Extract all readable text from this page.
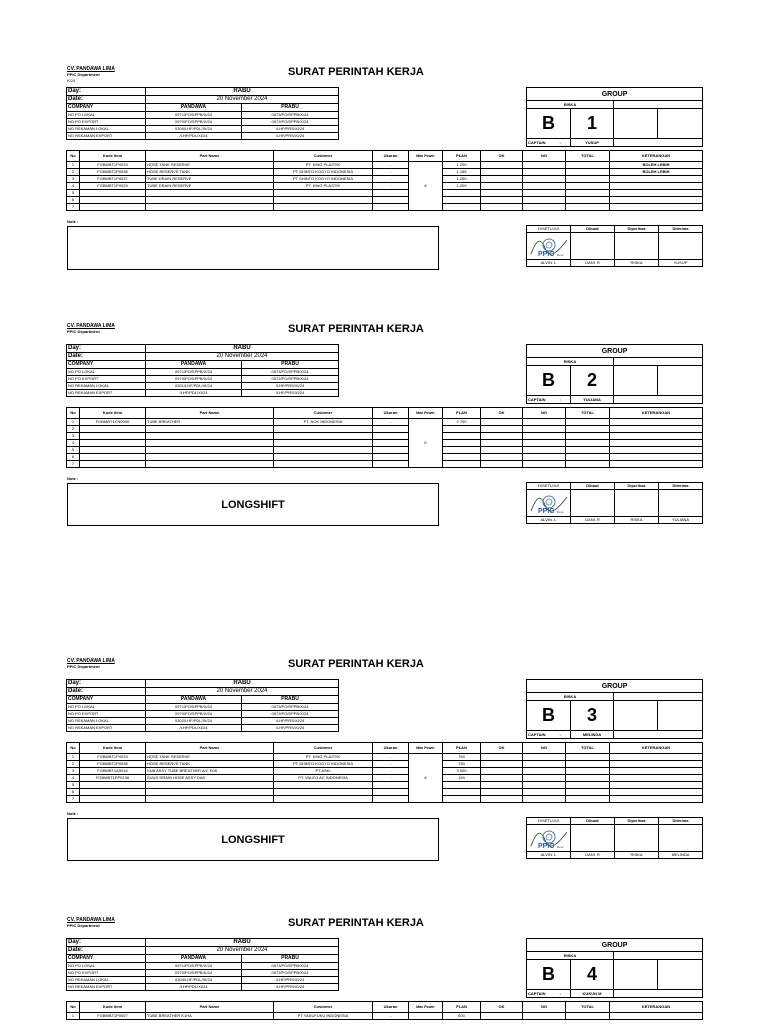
CV. PANDAWA LIMA
PPIC Department
K/24
SURAT PERINTAH KERJA
Day:	RABU	
Date:	20 November 2024	
COMPANY	PANDAWA	PRABU
NO PO LOKAL	0971/PO/SPPB/X/24	0973/PO/SPPB/X/24
NO PO EXPORT	0970/PO/SPPB/X/24	0972/PO/SPPB/X/24
NO REKAMAN LOKAL	0300/LHF/PDL/XI/24	/LHF/PRS/XI/24
NO REKAMAN EXPORT	/LHF/PDL/XI/24	/LHF/PRS/XI/24
GROUP			
RISKA			
B	1		
CAPTAIN :	YUSUP		
No	Kode Item	Part Name	Customer	Ukuran	Man Power	PLAN	OK	NG	TOTAL	KETERANGAN
1	FGBMBT1P0033	HOSE TANK RESERVE	PT. KING PLASTIK	-	6	1.200				BOLEH LEBIH
2	FGBMBT1P0036	HOSE RESERVE TANK	PT SHINTO KOGYO INDONESIA	-		1.155				BOLEH LEBIH
3	FGBMBT1P0037	TUBE DRAIN RESERVE	PT SHINTO KOGYO INDONESIA	-		1.200				
4	FGBMBT1P0029	TUBE DRAIN RESERVE	PT. KING PLASTIK	-		1.200				
5										
6										
7										
Note :
DISETUJUI	Dibuat	Diperiksa	Diterima

PPIC Dept.			

ALVIN. L	DANI. R	RISKA	YUSUP
CV. PANDAWA LIMA
PPIC Department	SURAT PERINTAH KERJA
Day:	RABU	
Date:	20 November 2024	
COMPANY	PANDAWA	PRABU
NO PO LOKAL	0971/PO/SPPB/X/24	0973/PO/SPPB/X/24
NO PO EXPORT	0970/PO/SPPB/X/24	0972/PO/SPPB/X/24
NO REKAMAN LOKAL	0301/LHF/PDL/XI/24	/LHF/PRS/XI/24
NO REKAMAN EXPORT	/LHF/PDL/XI/24	/LHF/PRS/XI/24
GROUP			
RISKA			
B	2		
CAPTAIN :	YULIANA		
No	Kode Item	Part Name	Customer	Ukuran	Man Power	PLAN	OK	NG	TOTAL	KETERANGAN
1	FGBMBT1CN0090	TUBE BREATHER	PT. NOK INDONESIA	-	6	2.700				
2										
3										
4										
5										
6										
7										
Note :
LONGSHIFT
DISETUJUI	Dibuat	Diperiksa	Diterima

PPIC Dept.			

ALVIN. L	DANI. R	RISKA	YULIANA
CV. PANDAWA LIMA
PPIC Department	SURAT PERINTAH KERJA
Day:	RABU	
Date:	20 November 2024	
COMPANY	PANDAWA	PRABU
NO PO LOKAL	0971/PO/SPPB/X/24	0973/PO/SPPB/X/24
NO PO EXPORT	0970/PO/SPPB/X/24	0972/PO/SPPB/X/24
NO REKAMAN LOKAL	0302/LHF/PDL/XI/24	/LHF/PRS/XI/24
NO REKAMAN EXPORT	/LHF/PDL/XI/24	/LHF/PRS/XI/24
GROUP			
RISKA			
B	3		
CAPTAIN :	MELINDA		
No	Kode Item	Part Name	Customer	Ukuran	Man Power	PLAN	OK	NG	TOTAL	KETERANGAN
1	FGBMBT1P0033	HOSE TANK RESERVE	PT. KING PLASTIK	-	6	750				
2	FGBMBT1P0036	HOSE RESERVE TANK	PT SHINTO KOGYO INDONESIA	-		750				
3	FGBMBT1A0016	SUB ASSY TUBE BREATHER A/C K08	PT.ASKI	-		3.000				
4	FGBMBT1EP0136	SUUD DRAIN HOSE ASSY DAD	PT. VALEO AC INDONESIA	-		160				
5										
6										
7										
Note :
LONGSHIFT
DISETUJUI	Dibuat	Diperiksa	Diterima

PPIC Dept.			

ALVIN. L	DANI. R	RISKA	MELINDA
CV. PANDAWA LIMA
PPIC Department	SURAT PERINTAH KERJA
Day:	RABU	
Date:	20 November 2024	
COMPANY	PANDAWA	PRABU
NO PO LOKAL	0971/PO/SPPB/X/24	0973/PO/SPPB/X/24
NO PO EXPORT	0970/PO/SPPB/X/24	0972/PO/SPPB/X/24
NO REKAMAN LOKAL	0304/LHF/PDL/XI/24	/LHF/PRS/XI/24
NO REKAMAN EXPORT	/LHF/PDL/XI/24	/LHF/PRS/XI/24
GROUP			
RISKA			
B	4		
CAPTAIN :	KUKUN M		
No	Kode Item	Part Name	Customer	Ukuran	Man Power	PLAN	OK	NG	TOTAL	KETERANGAN
1	FGBMBT1P0007	TUBE BREATHER K1HA	PT YASUFUKU INDONESIA	-		500				
